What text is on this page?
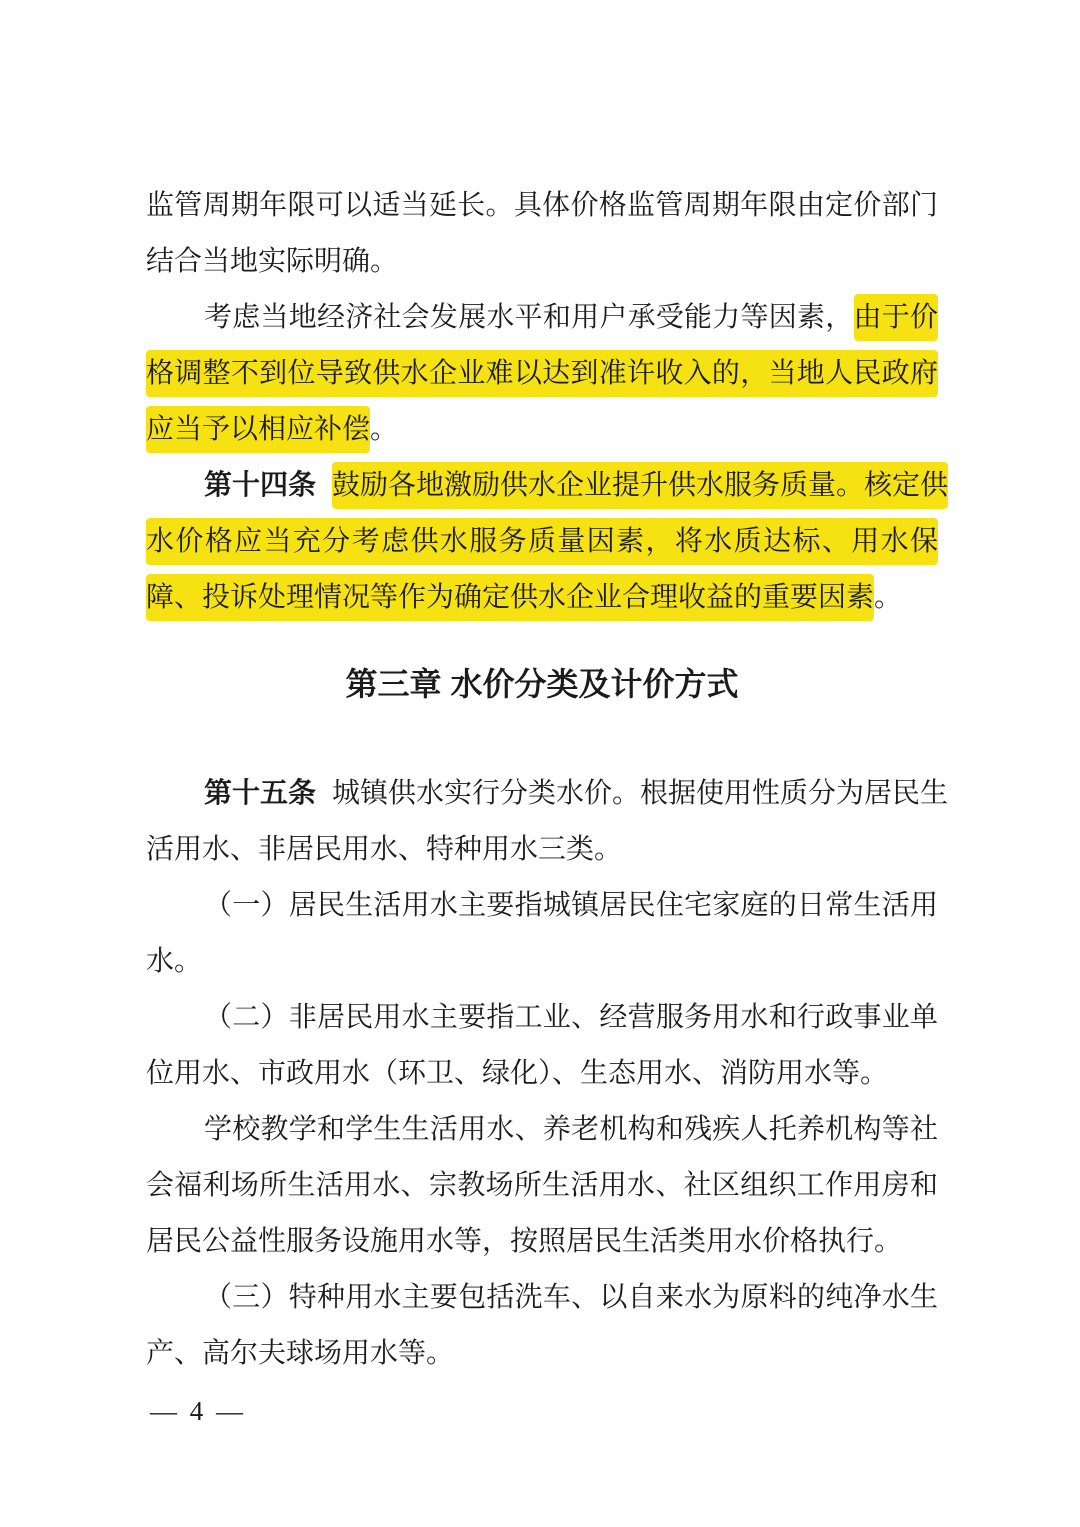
监管周期年限可以适当延长。具体价格监管周期年限由定价部门
结合当地实际明确。
考虑当地经济社会发展水平和用户承受能力等因素，由于价
格调整不到位导致供水企业难以达到准许收入的，当地人民政府
应当予以相应补偿。
第十四条 鼓励各地激励供水企业提升供水服务质量。核定供
水价格应当充分考虑供水服务质量因素，将水质达标、用水保
障、投诉处理情况等作为确定供水企业合理收益的重要因素。
第三章 水价分类及计价方式
第十五条 城镇供水实行分类水价。根据使用性质分为居民生
活用水、非居民用水、特种用水三类。
（一）居民生活用水主要指城镇居民住宅家庭的日常生活用
水。
（二）非居民用水主要指工业、经营服务用水和行政事业单
位用水、市政用水（环卫、绿化）、生态用水、消防用水等。
学校教学和学生生活用水、养老机构和残疾人托养机构等社
会福利场所生活用水、宗教场所生活用水、社区组织工作用房和
居民公益性服务设施用水等，按照居民生活类用水价格执行。
（三）特种用水主要包括洗车、以自来水为原料的纯净水生
产、高尔夫球场用水等。
— 4 —
